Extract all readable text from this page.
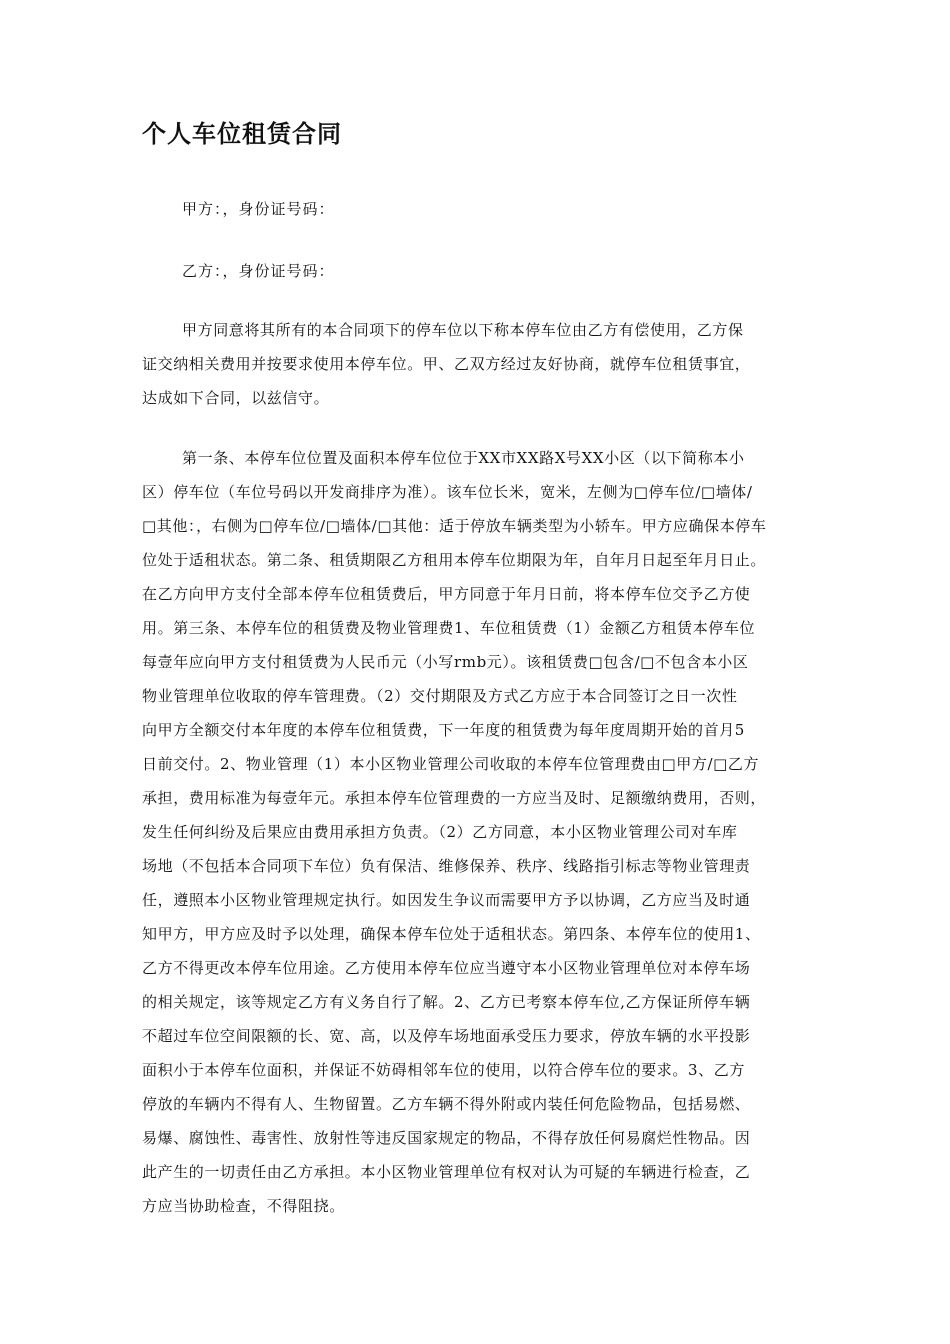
个人车位租赁合同
甲方：，身份证号码：
乙方：，身份证号码：
甲方同意将其所有的本合同项下的停车位以下称本停车位由乙方有偿使用，乙方保
证交纳相关费用并按要求使用本停车位。甲、乙双方经过友好协商，就停车位租赁事宜，
达成如下合同，以兹信守。
第一条、本停车位位置及面积本停车位位于XX市XX路X号XX小区（以下简称本小
区）停车位（车位号码以开发商排序为准）。该车位长米，宽米，左侧为□停车位/□墙体/
□其他：，右侧为□停车位/□墙体/□其他：适于停放车辆类型为小轿车。甲方应确保本停车
位处于适租状态。第二条、租赁期限乙方租用本停车位期限为年，自年月日起至年月日止。
在乙方向甲方支付全部本停车位租赁费后，甲方同意于年月日前，将本停车位交予乙方使
用。第三条、本停车位的租赁费及物业管理费1、车位租赁费（1）金额乙方租赁本停车位
每壹年应向甲方支付租赁费为人民币元（小写rmb元）。该租赁费□包含/□不包含本小区
物业管理单位收取的停车管理费。（2）交付期限及方式乙方应于本合同签订之日一次性
向甲方全额交付本年度的本停车位租赁费，下一年度的租赁费为每年度周期开始的首月5
日前交付。2、物业管理（1）本小区物业管理公司收取的本停车位管理费由□甲方/□乙方
承担，费用标准为每壹年元。承担本停车位管理费的一方应当及时、足额缴纳费用，否则，
发生任何纠纷及后果应由费用承担方负责。（2）乙方同意，本小区物业管理公司对车库
场地（不包括本合同项下车位）负有保洁、维修保养、秩序、线路指引标志等物业管理责
任，遵照本小区物业管理规定执行。如因发生争议而需要甲方予以协调，乙方应当及时通
知甲方，甲方应及时予以处理，确保本停车位处于适租状态。第四条、本停车位的使用1、
乙方不得更改本停车位用途。乙方使用本停车位应当遵守本小区物业管理单位对本停车场
的相关规定，该等规定乙方有义务自行了解。2、乙方已考察本停车位,乙方保证所停车辆
不超过车位空间限额的长、宽、高，以及停车场地面承受压力要求，停放车辆的水平投影
面积小于本停车位面积，并保证不妨碍相邻车位的使用，以符合停车位的要求。3、乙方
停放的车辆内不得有人、生物留置。乙方车辆不得外附或内装任何危险物品，包括易燃、
易爆、腐蚀性、毒害性、放射性等违反国家规定的物品，不得存放任何易腐烂性物品。因
此产生的一切责任由乙方承担。本小区物业管理单位有权对认为可疑的车辆进行检查，乙
方应当协助检查，不得阻挠。
